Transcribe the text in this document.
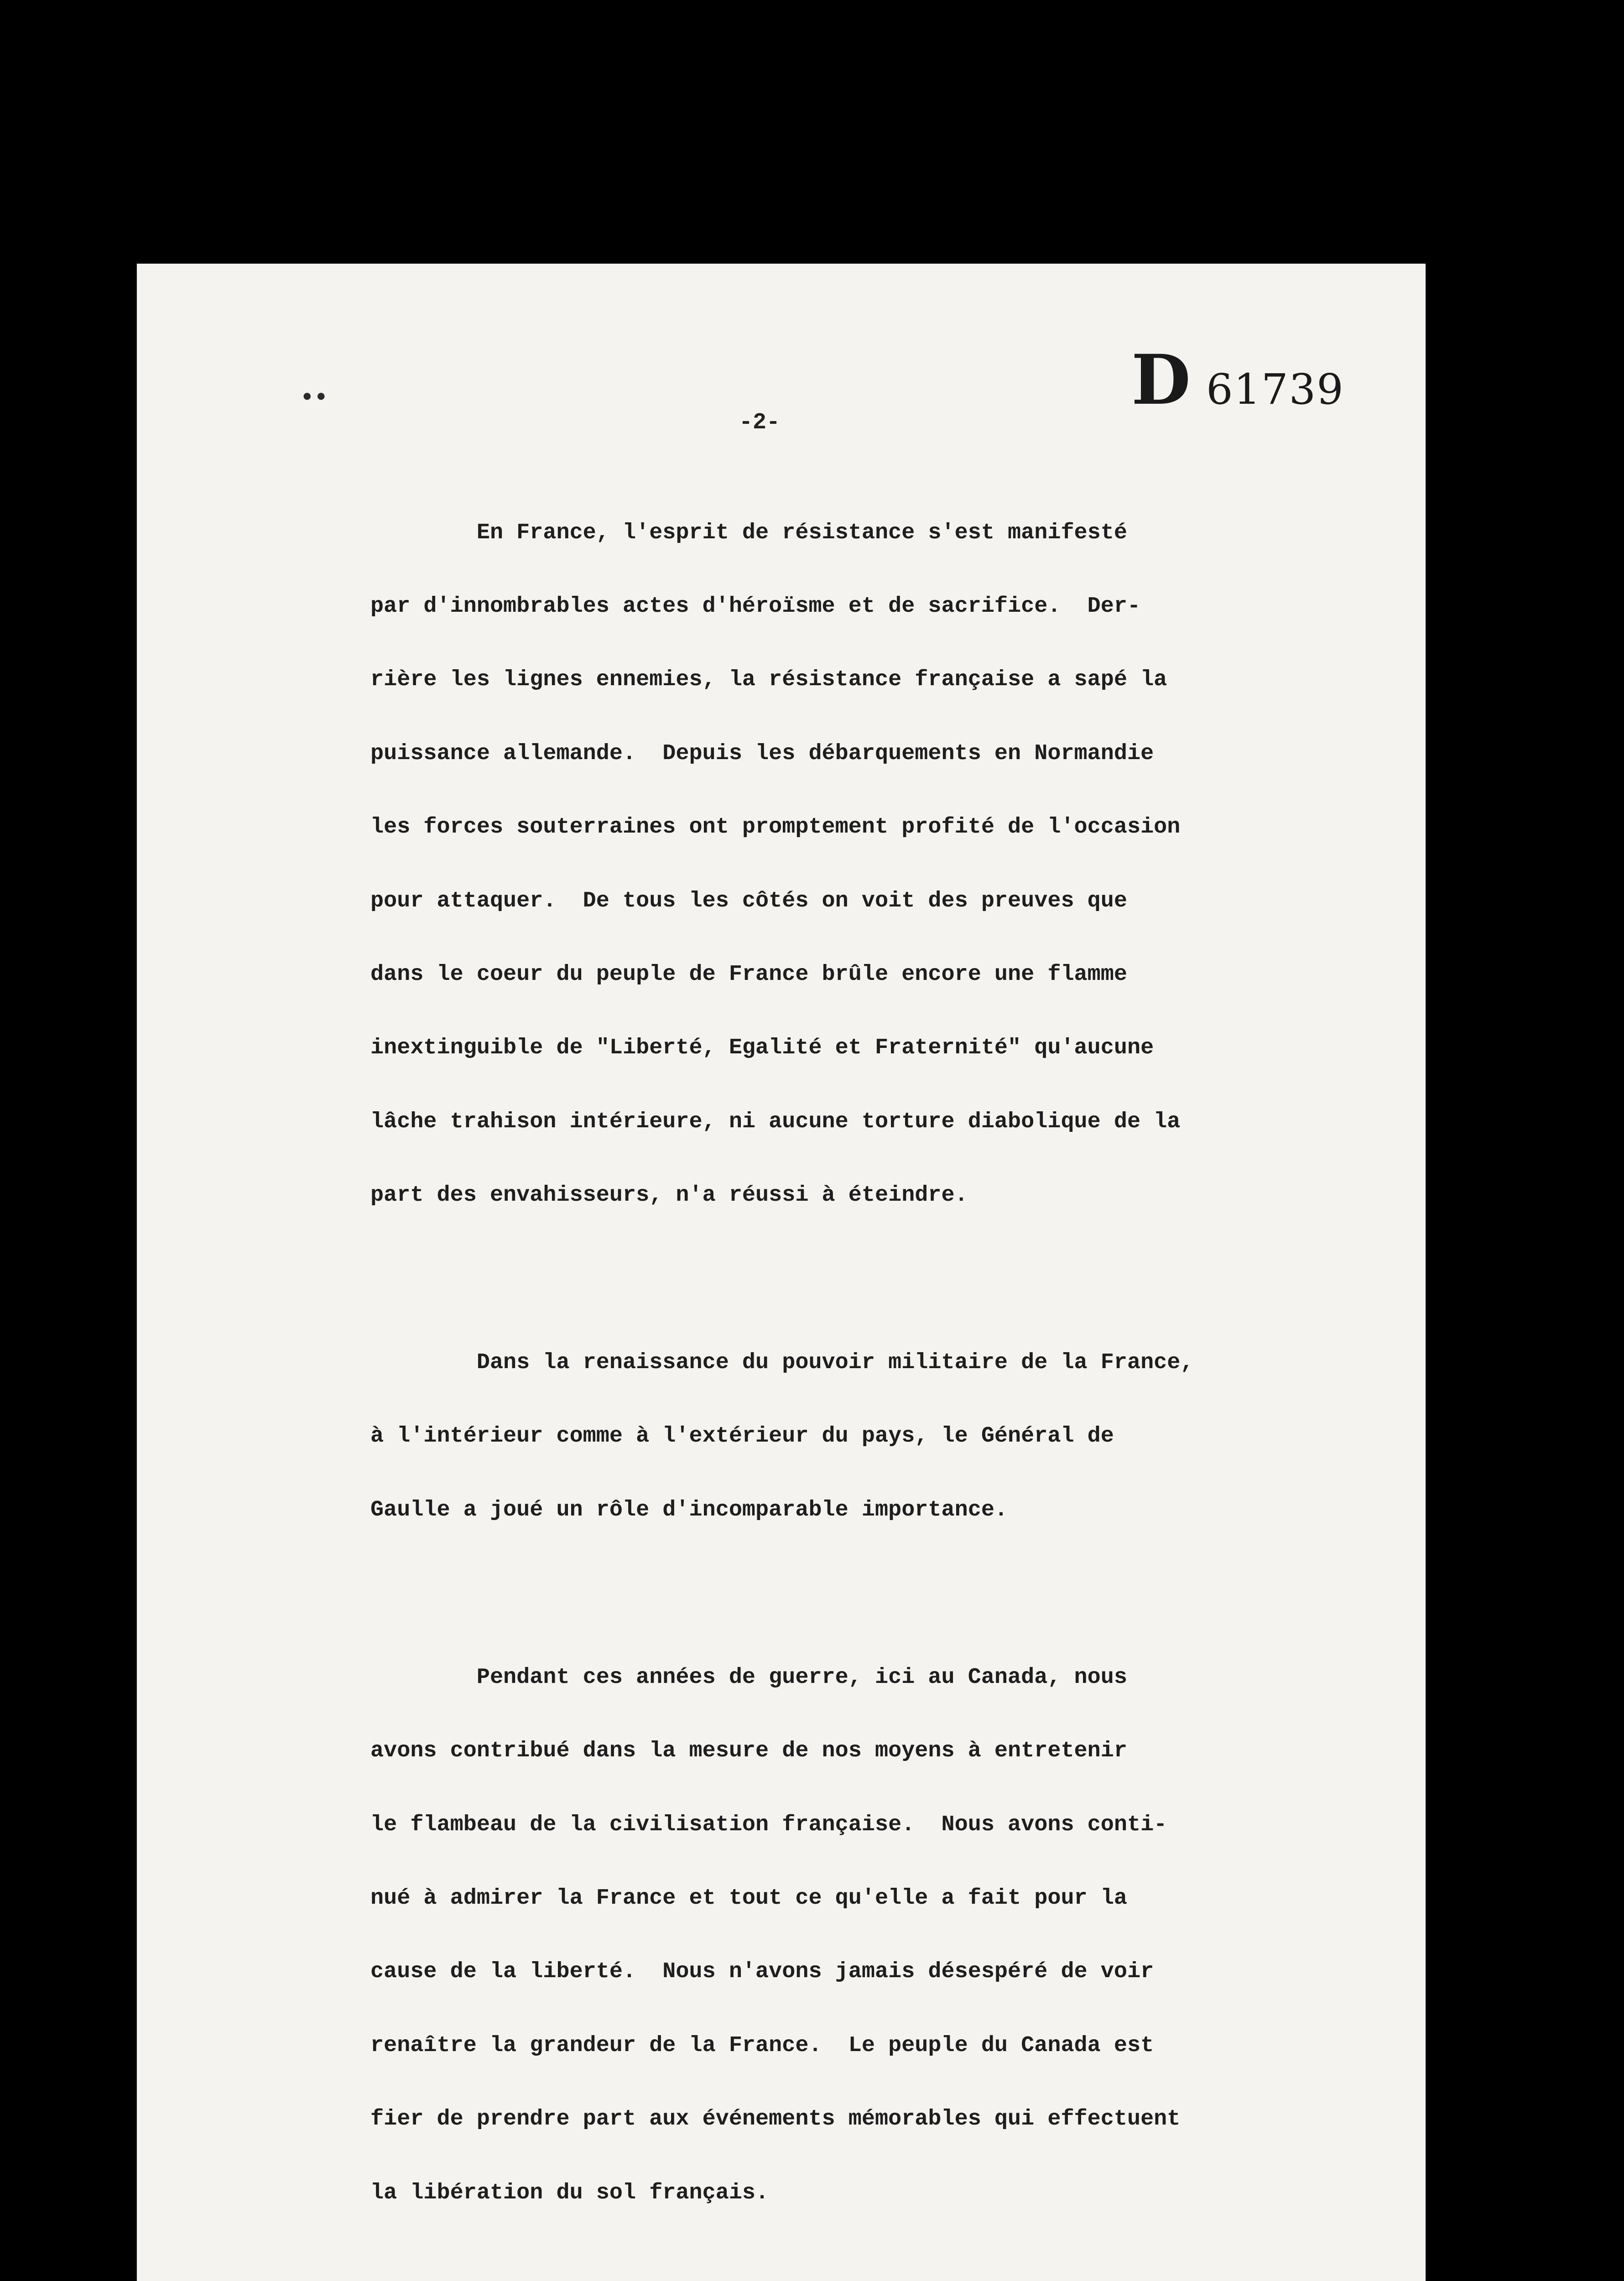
••	D 61739
-2-

En France, l'esprit de résistance s'est manifesté

par d'innombrables actes d'héroïsme et de sacrifice.  Der-

rière les lignes ennemies, la résistance française a sapé la

puissance allemande.  Depuis les débarquements en Normandie

les forces souterraines ont promptement profité de l'occasion

pour attaquer.  De tous les côtés on voit des preuves que

dans le coeur du peuple de France brûle encore une flamme

inextinguible de "Liberté, Egalité et Fraternité" qu'aucune

lâche trahison intérieure, ni aucune torture diabolique de la

part des envahisseurs, n'a réussi à éteindre.

Dans la renaissance du pouvoir militaire de la France,

à l'intérieur comme à l'extérieur du pays, le Général de

Gaulle a joué un rôle d'incomparable importance.

Pendant ces années de guerre, ici au Canada, nous

avons contribué dans la mesure de nos moyens à entretenir

le flambeau de la civilisation française.  Nous avons conti-

nué à admirer la France et tout ce qu'elle a fait pour la

cause de la liberté.  Nous n'avons jamais désespéré de voir

renaître la grandeur de la France.  Le peuple du Canada est

fier de prendre part aux événements mémorables qui effectuent

la libération du sol français.
